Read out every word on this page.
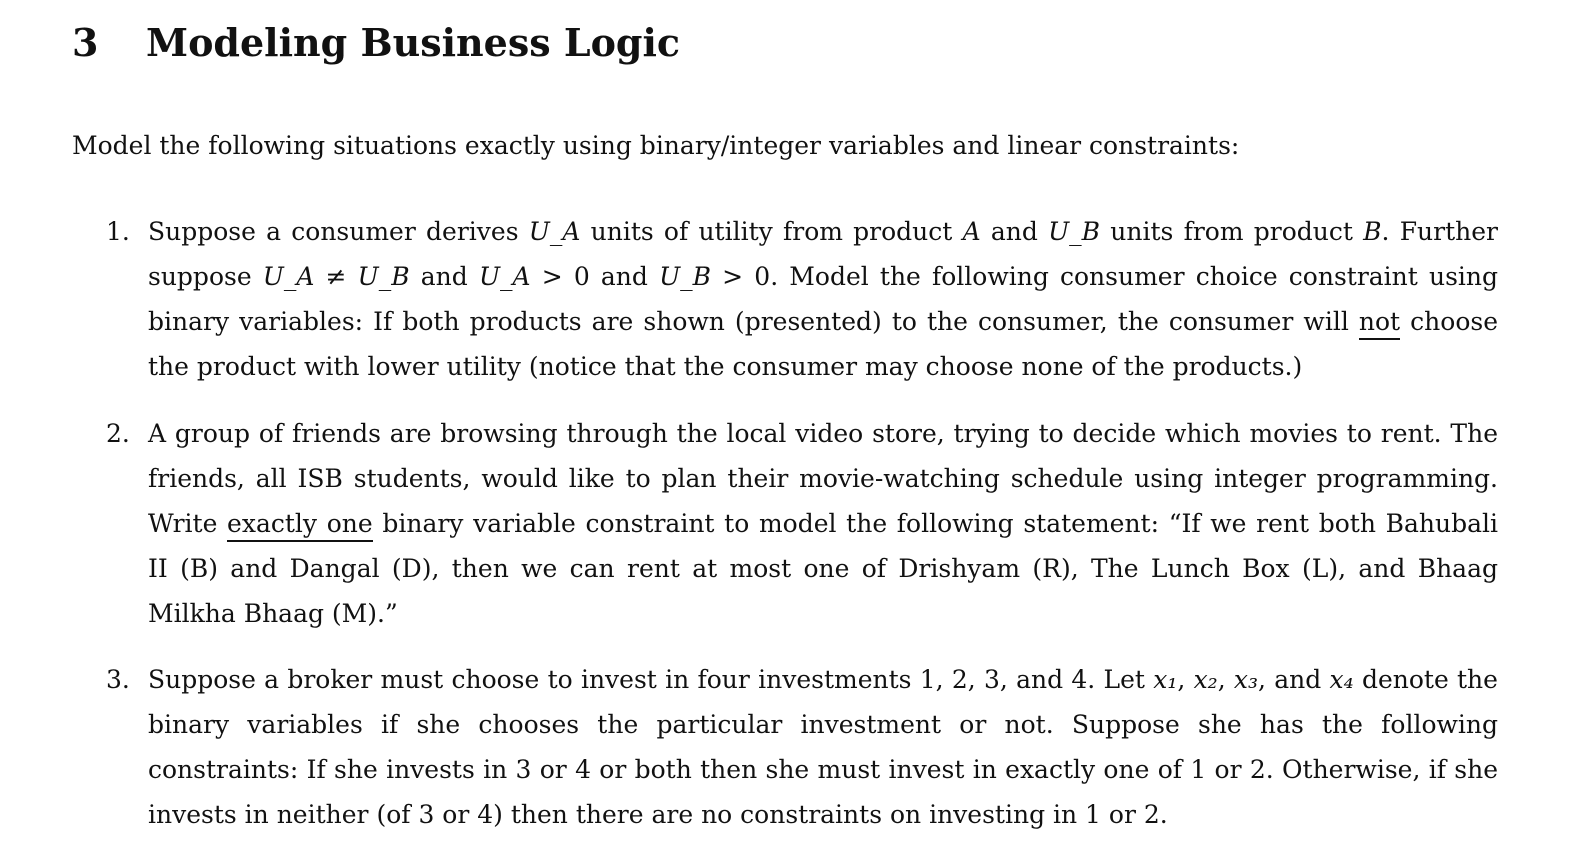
3 Modeling Business Logic

Model the following situations exactly using binary/integer variables and linear constraints:

1. Suppose a consumer derives U_A units of utility from product A and U_B units from product B. Further suppose U_A ≠ U_B and U_A > 0 and U_B > 0. Model the following consumer choice constraint using binary variables: If both products are shown (presented) to the consumer, the consumer will not choose the product with lower utility (notice that the consumer may choose none of the products.)
2. A group of friends are browsing through the local video store, trying to decide which movies to rent. The friends, all ISB students, would like to plan their movie-watching schedule using integer programming. Write exactly one binary variable constraint to model the following statement: “If we rent both Bahubali II (B) and Dangal (D), then we can rent at most one of Drishyam (R), The Lunch Box (L), and Bhaag Milkha Bhaag (M).”
3. Suppose a broker must choose to invest in four investments 1, 2, 3, and 4. Let x₁, x₂, x₃, and x₄ denote the binary variables if she chooses the particular investment or not. Suppose she has the following constraints: If she invests in 3 or 4 or both then she must invest in exactly one of 1 or 2. Otherwise, if she invests in neither (of 3 or 4) then there are no constraints on investing in 1 or 2.
